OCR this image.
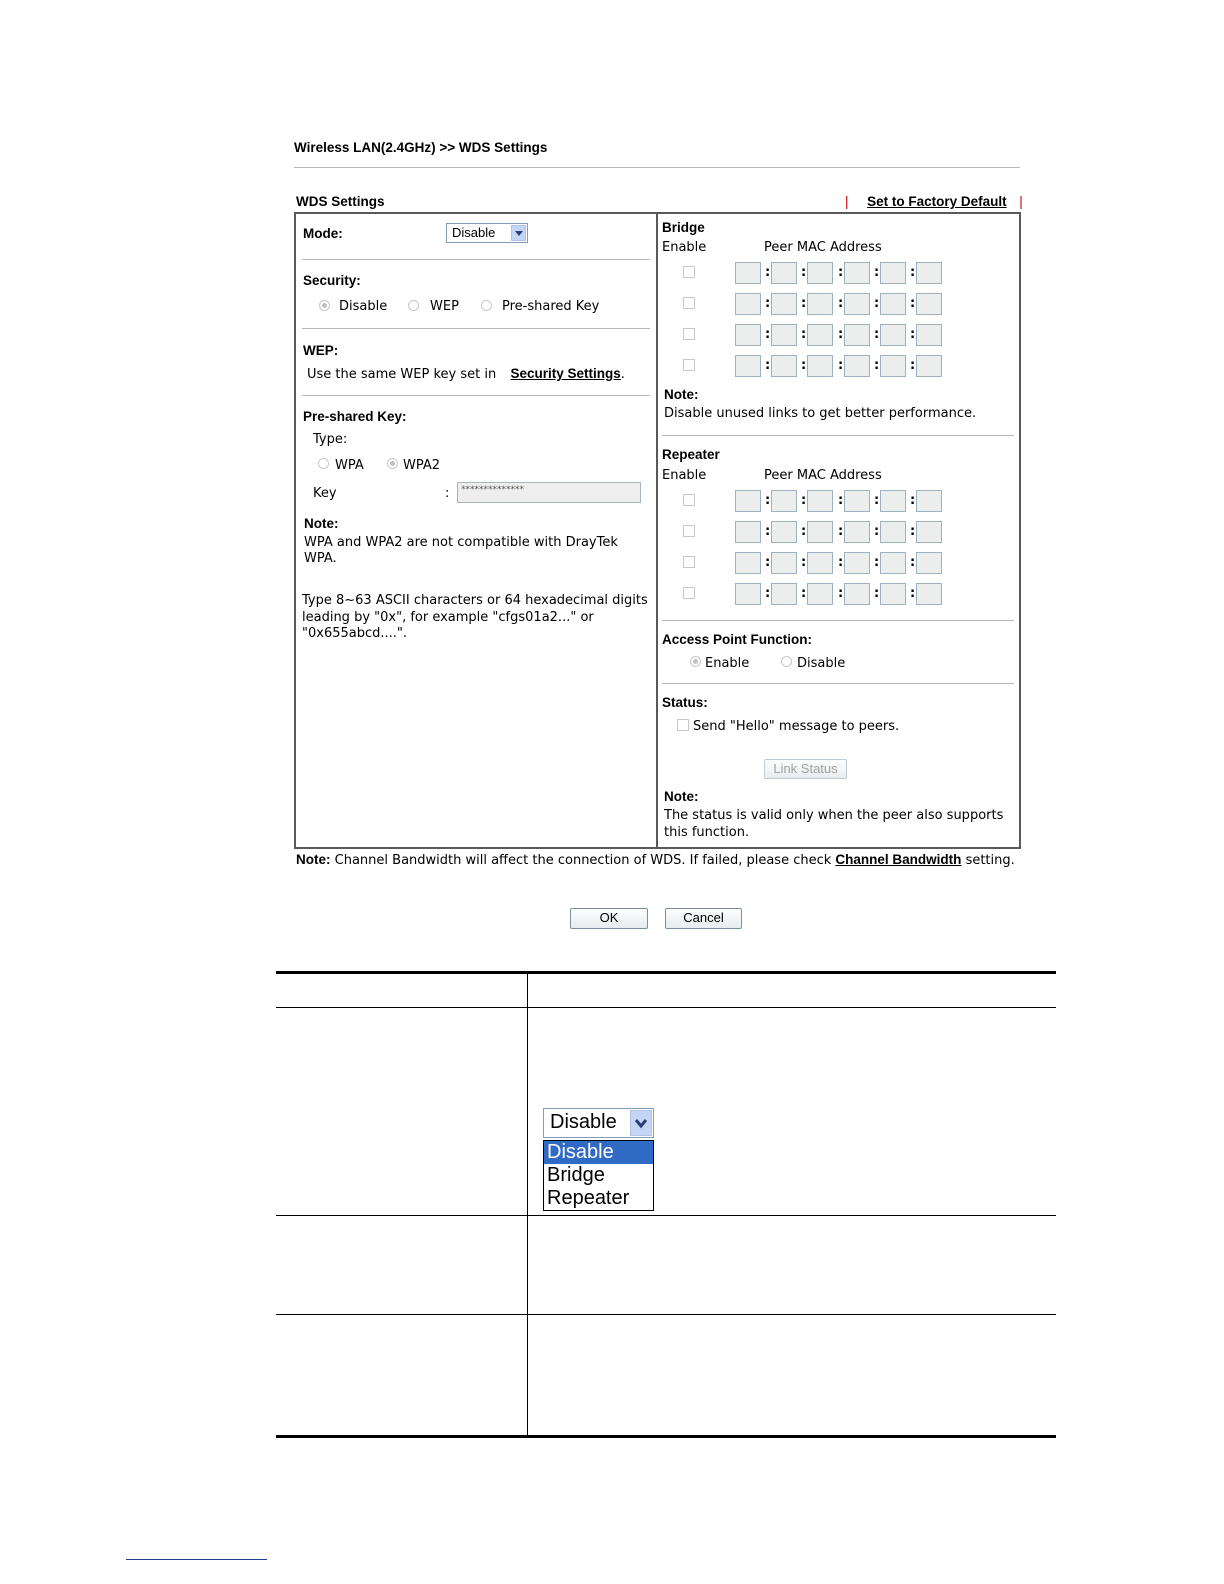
Wireless LAN(2.4GHz) >> WDS Settings
WDS Settings	| Set to Factory Default |
Mode:	Disable
Security:
Disable	WEP	Pre-shared Key
WEP:
Use the same WEP key set in Security Settings.
Pre-shared Key:
Type:
WPA	WPA2
Key	:	**************
Note:
WPA and WPA2 are not compatible with DrayTek WPA.
Type 8~63 ASCII characters or 64 hexadecimal digits leading by "0x", for example "cfgs01a2..." or "0x655abcd....".
Bridge
Enable	Peer MAC Address
: : : : :
: : : : :
: : : : :
: : : : :
Note:
Disable unused links to get better performance.
Repeater
Enable	Peer MAC Address
: : : : :
: : : : :
: : : : :
: : : : :
Access Point Function:
Enable	Disable
Status:
Send "Hello" message to peers.
Link Status
Note:
The status is valid only when the peer also supports this function.
Note: Channel Bandwidth will affect the connection of WDS. If failed, please check Channel Bandwidth setting.
OK	Cancel
Disable
Disable
Bridge
Repeater
